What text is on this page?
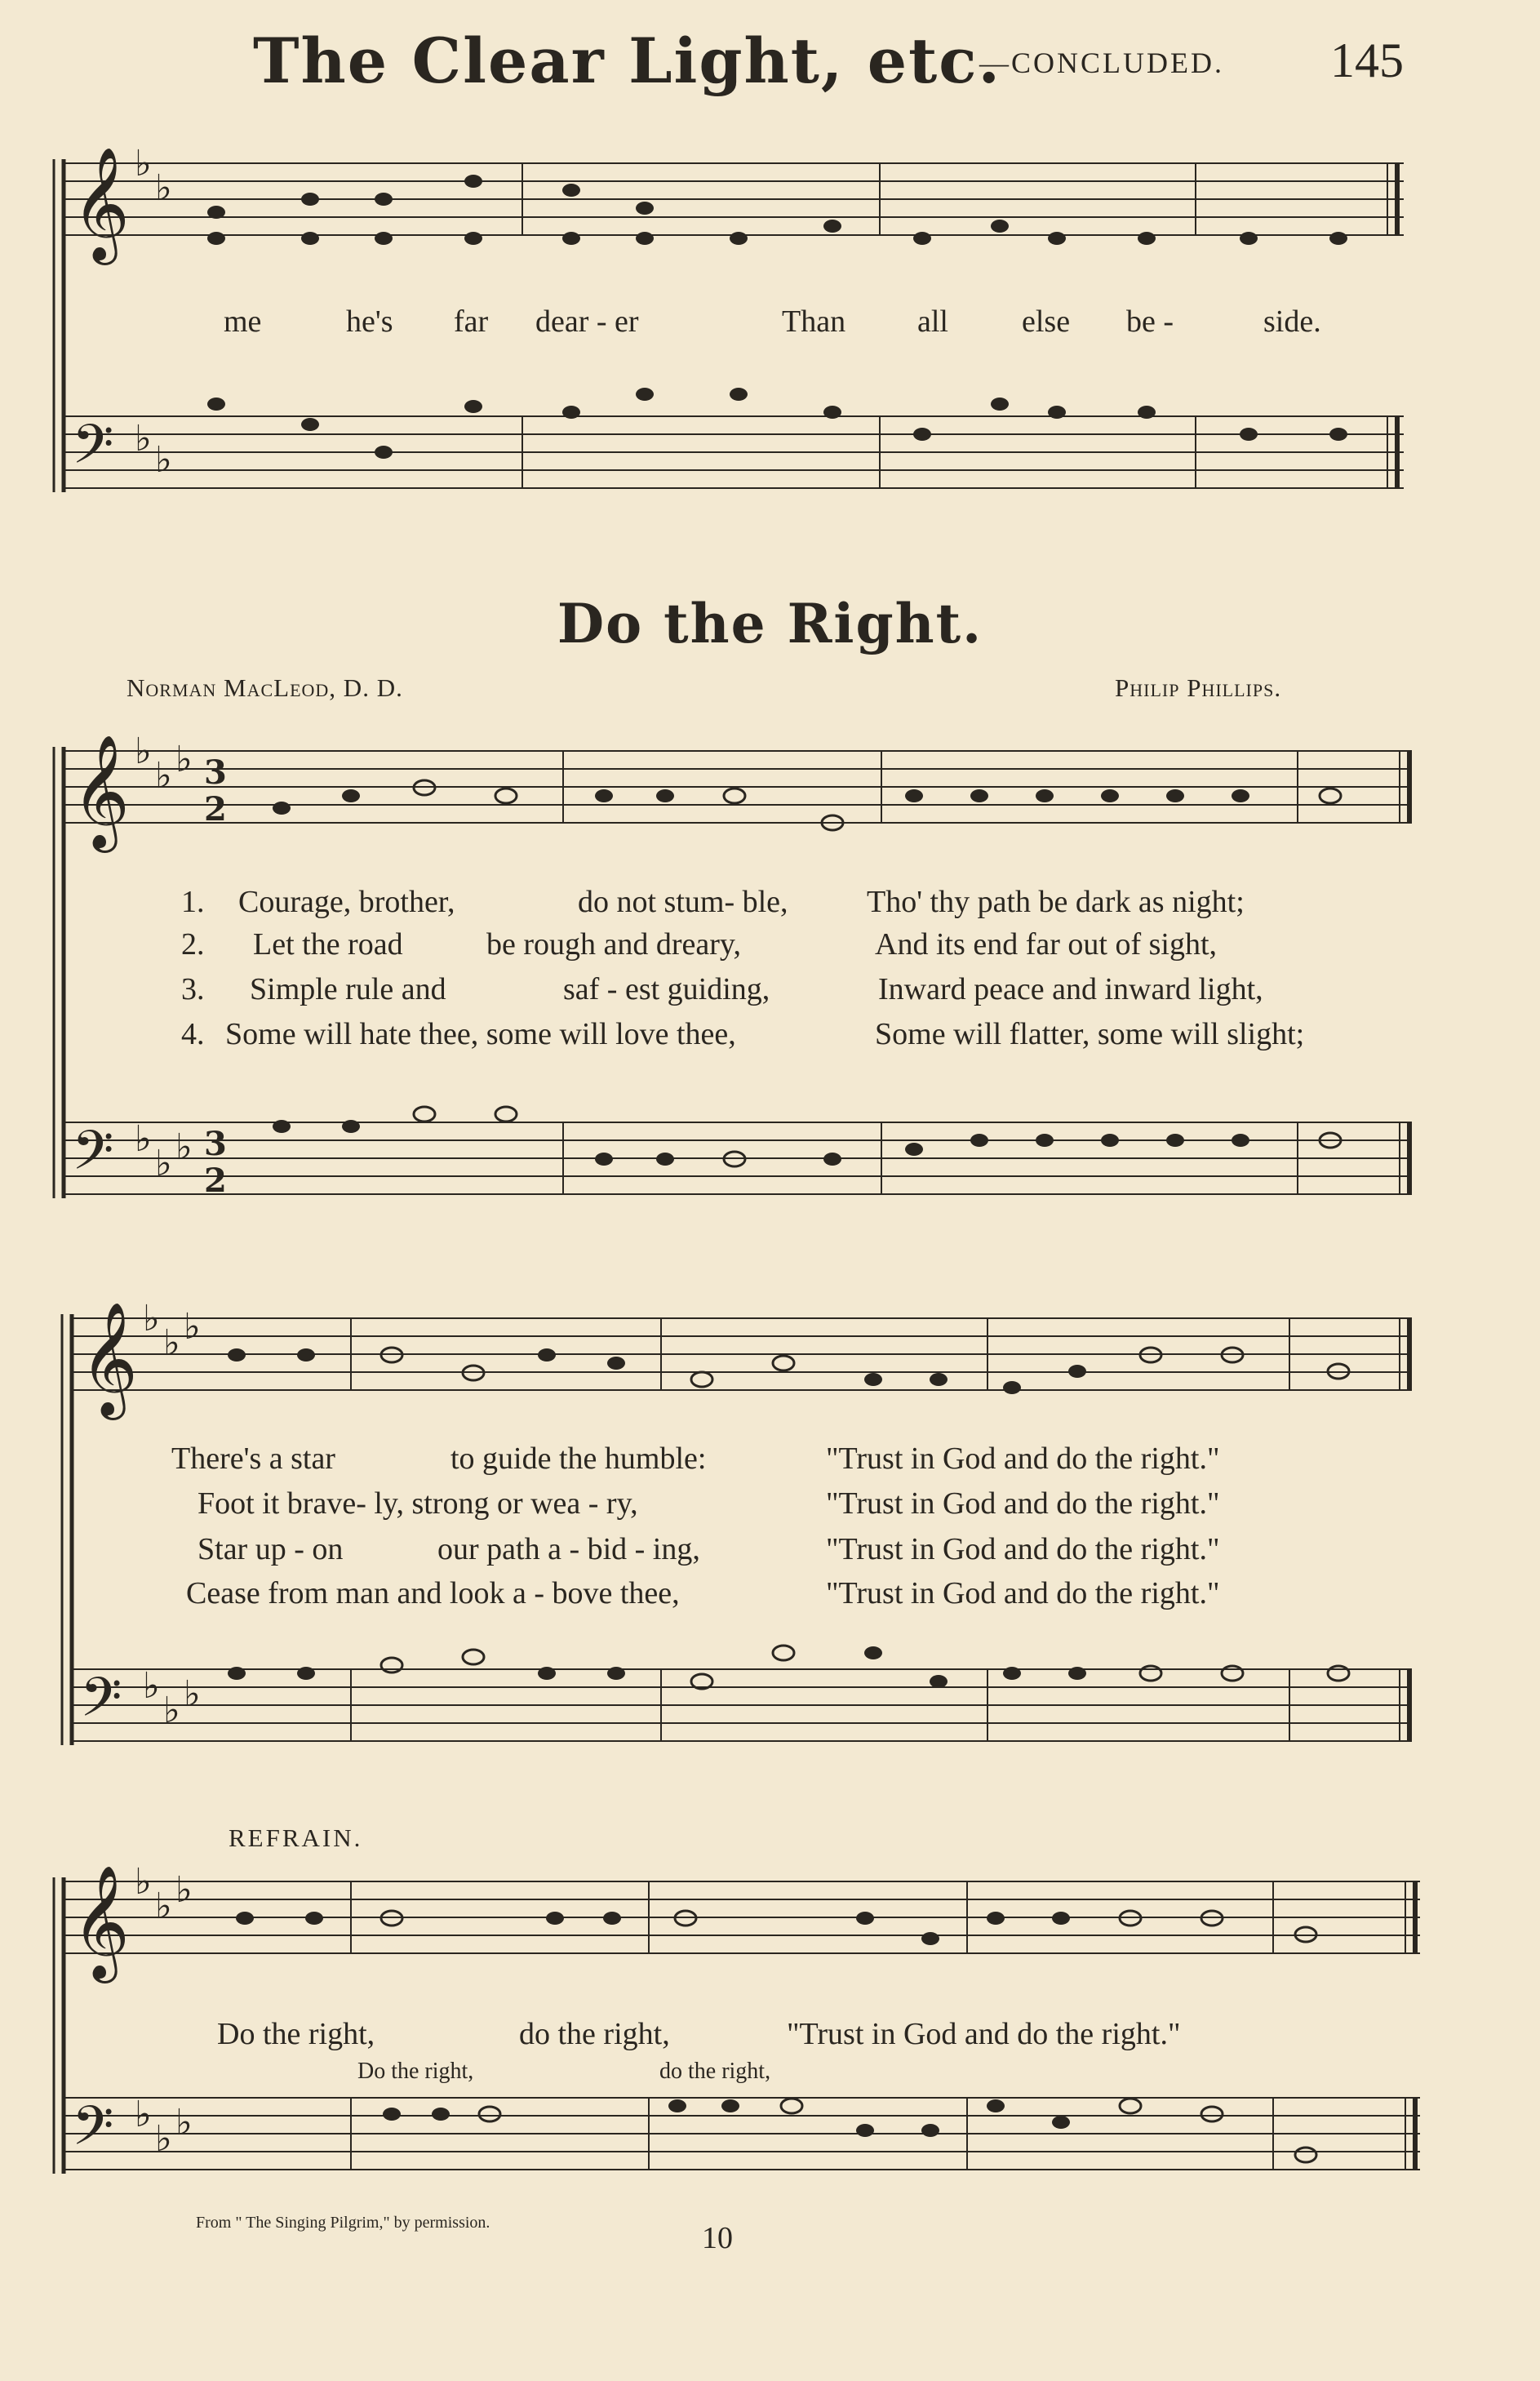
The Clear Light, etc.
—CONCLUDED. 145
𝄞
𝄢
𝄞
𝄢
𝄞
𝄢
𝄞
𝄢
♭
♭
♭
♭
♭
♭ ♭
♭
♭ ♭
♭
♭ ♭
♭
♭ ♭
♭
♭ ♭
♭
♭ ♭
3
2
3
2
me	he's far dear - er	Than all else be -	side.
Do the Right.
Norman MacLeod, D. D.	Philip Phillips.
1. Courage, brother,	do not stum- ble,	Tho' thy path be dark as night;
2. Let the road	be rough and dreary,	And its end far out of sight,
3. Simple rule and	saf - est guiding,	Inward peace and inward light,
4. Some will hate thee, some will love thee,	Some will flatter, some will slight;
There's a star	to guide the humble:	"Trust in God and do the right."
Foot it brave- ly, strong or wea - ry,	"Trust in God and do the right."
Star up - on	our path a - bid - ing,	"Trust in God and do the right."
Cease from man and look a - bove thee,	"Trust in God and do the right."
REFRAIN.
Do the right,	do the right,	"Trust in God and do the right."
Do the right,	do the right,
From " The Singing Pilgrim," by permission.	10
